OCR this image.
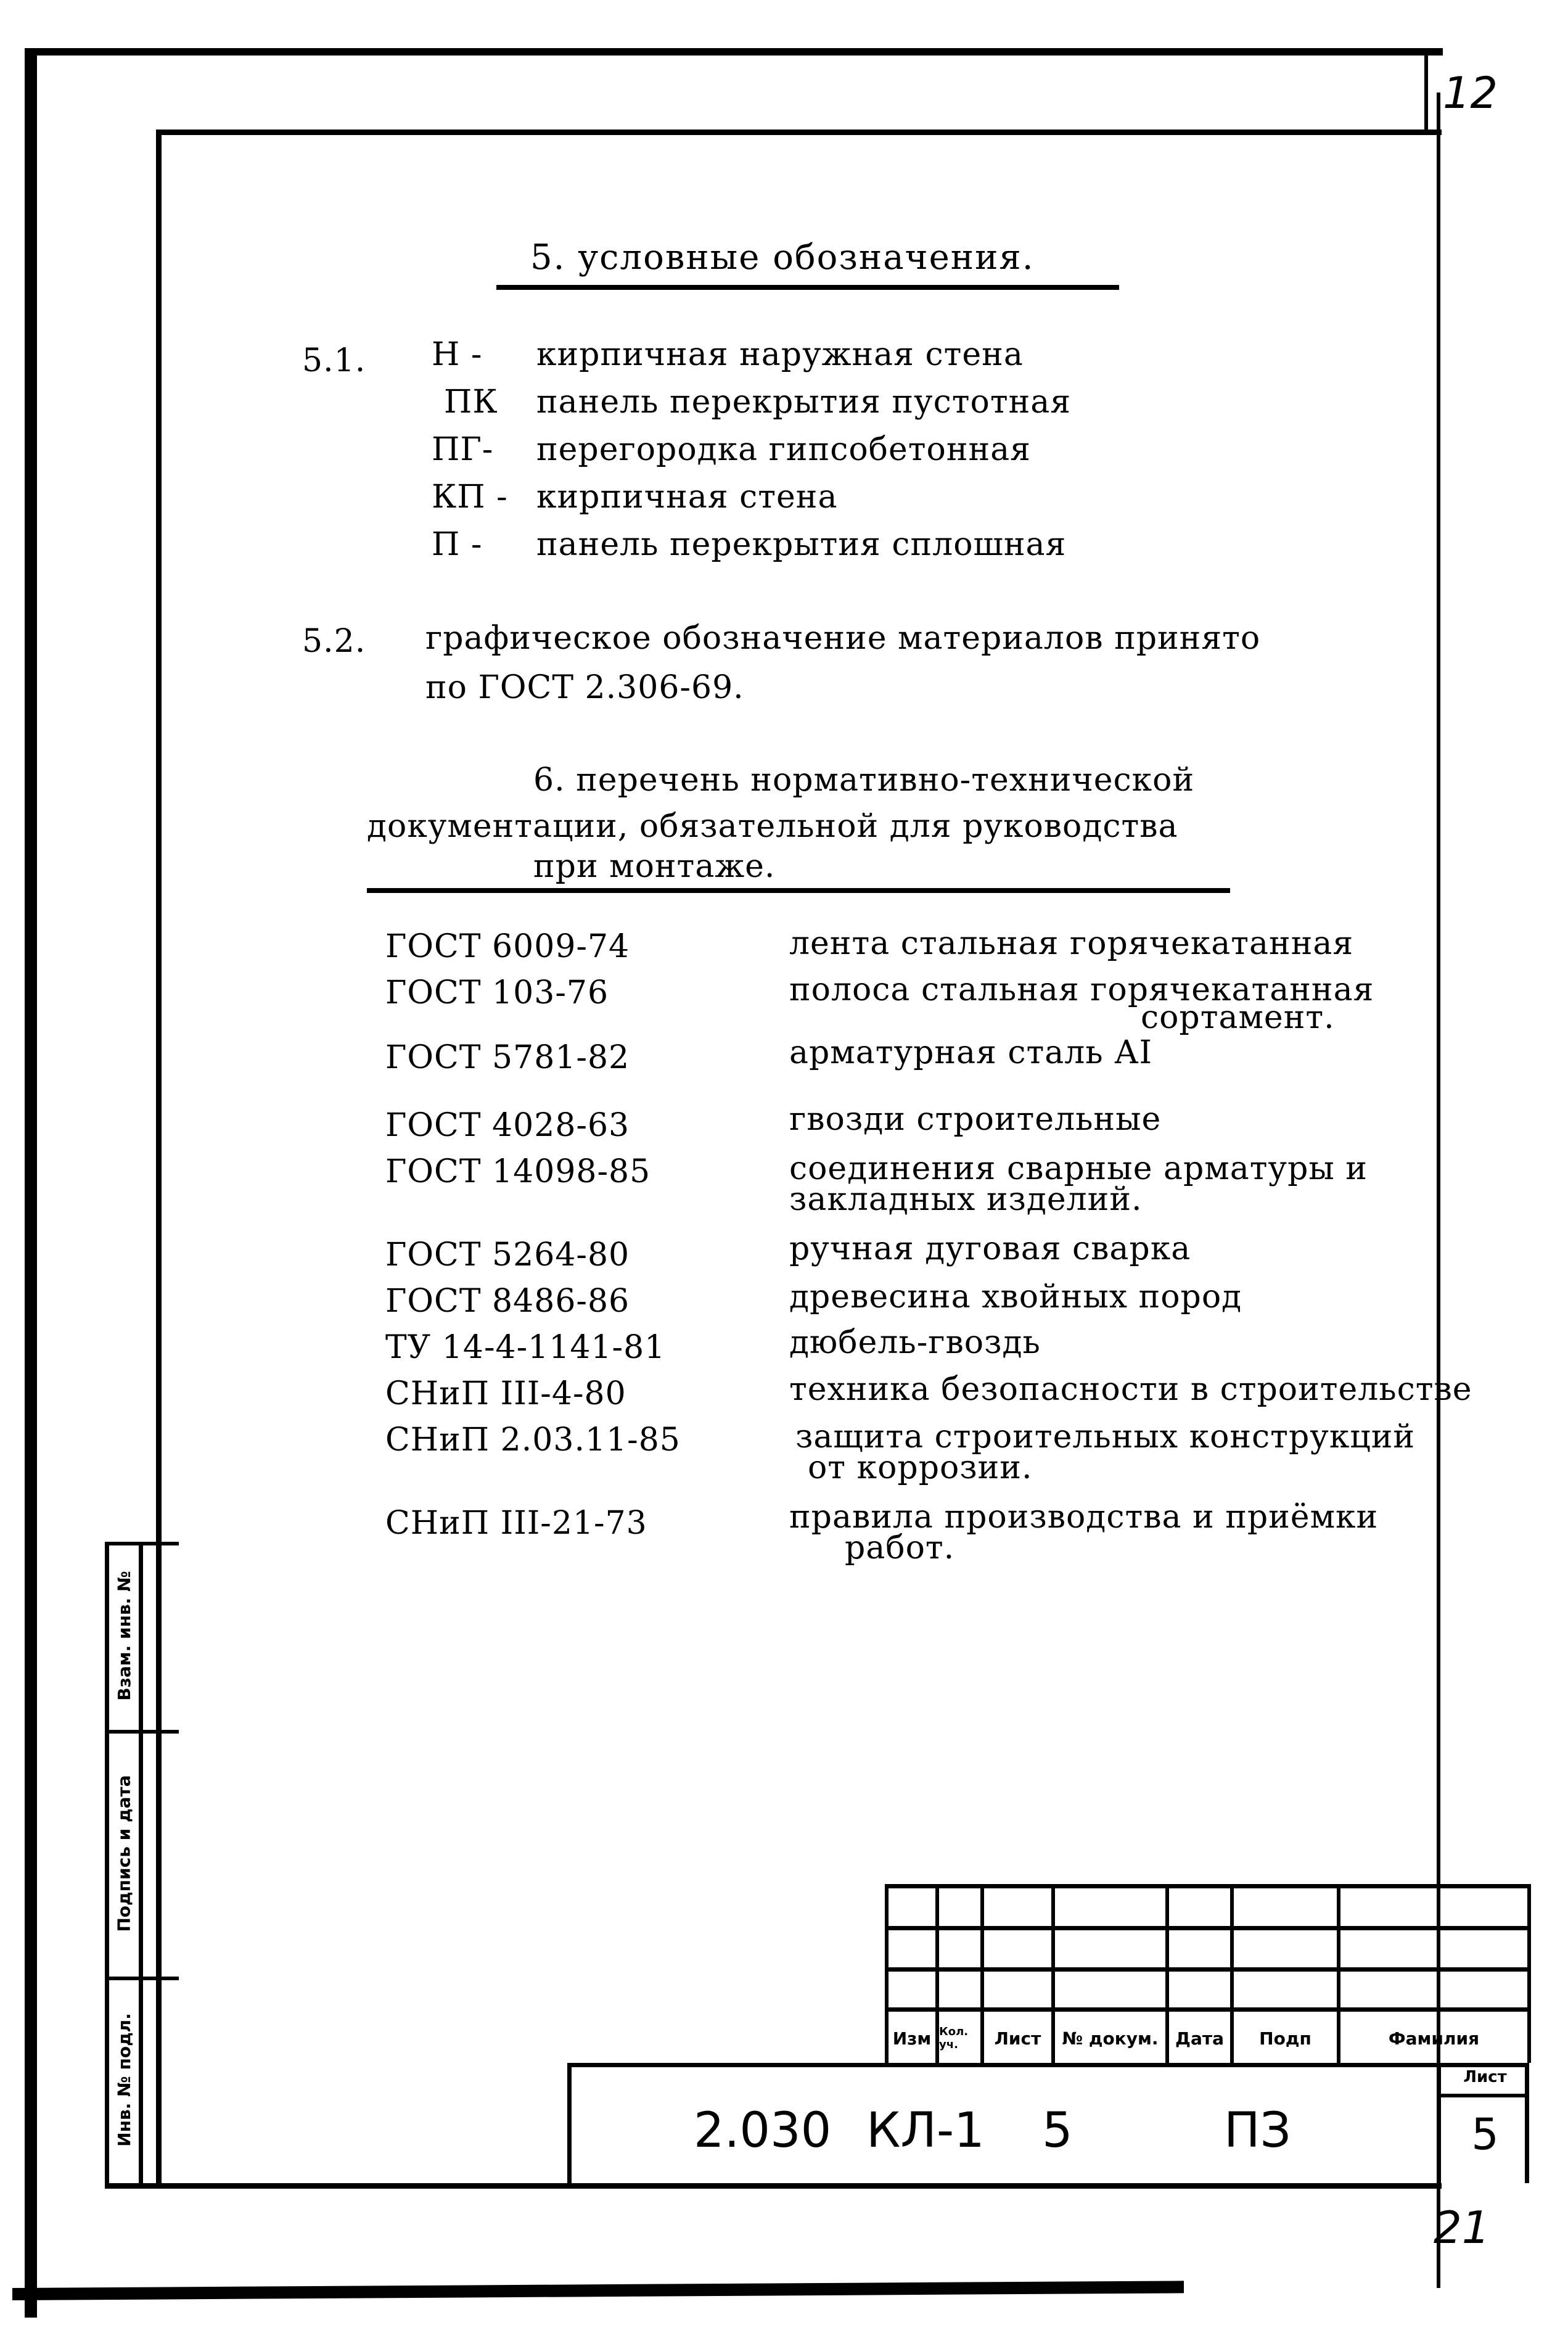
12
5. условные обозначения.
5.1. Н -	кирпичная наружная стена
ПК	панель перекрытия пустотная
ПГ-	перегородка гипсобетонная
КП - кирпичная стена
П -	панель перекрытия сплошная
5.2. графическое обозначение материалов принято
по ГОСТ 2.306-69.
6. перечень нормативно-технической
документации, обязательной для руководства
при монтаже.
ГОСТ 6009-74	лента стальная горячекатанная
ГОСТ 103-76	полоса стальная горячекатанная
сортамент.
ГОСТ 5781-82	арматурная сталь АI
ГОСТ 4028-63	гвозди строительные
ГОСТ 14098-85	соединения сварные арматуры и
закладных изделий.
ГОСТ 5264-80	ручная дуговая сварка
ГОСТ 8486-86	древесина хвойных пород
ТУ 14-4-1141-81	дюбель-гвоздь
СНиП III-4-80	техника безопасности в строительстве
СНиП 2.03.11-85	защита строительных конструкций
от коррозии.
СНиП III-21-73	правила производства и приёмки
работ.
Взам. инв. №
Подпись и дата
Инв. № подл.	Изм Кол. уч.	Лист	№ докум. Дата	Подп	Фамилия
2.030 КЛ-1 5	ПЗ
Лист
5
21
